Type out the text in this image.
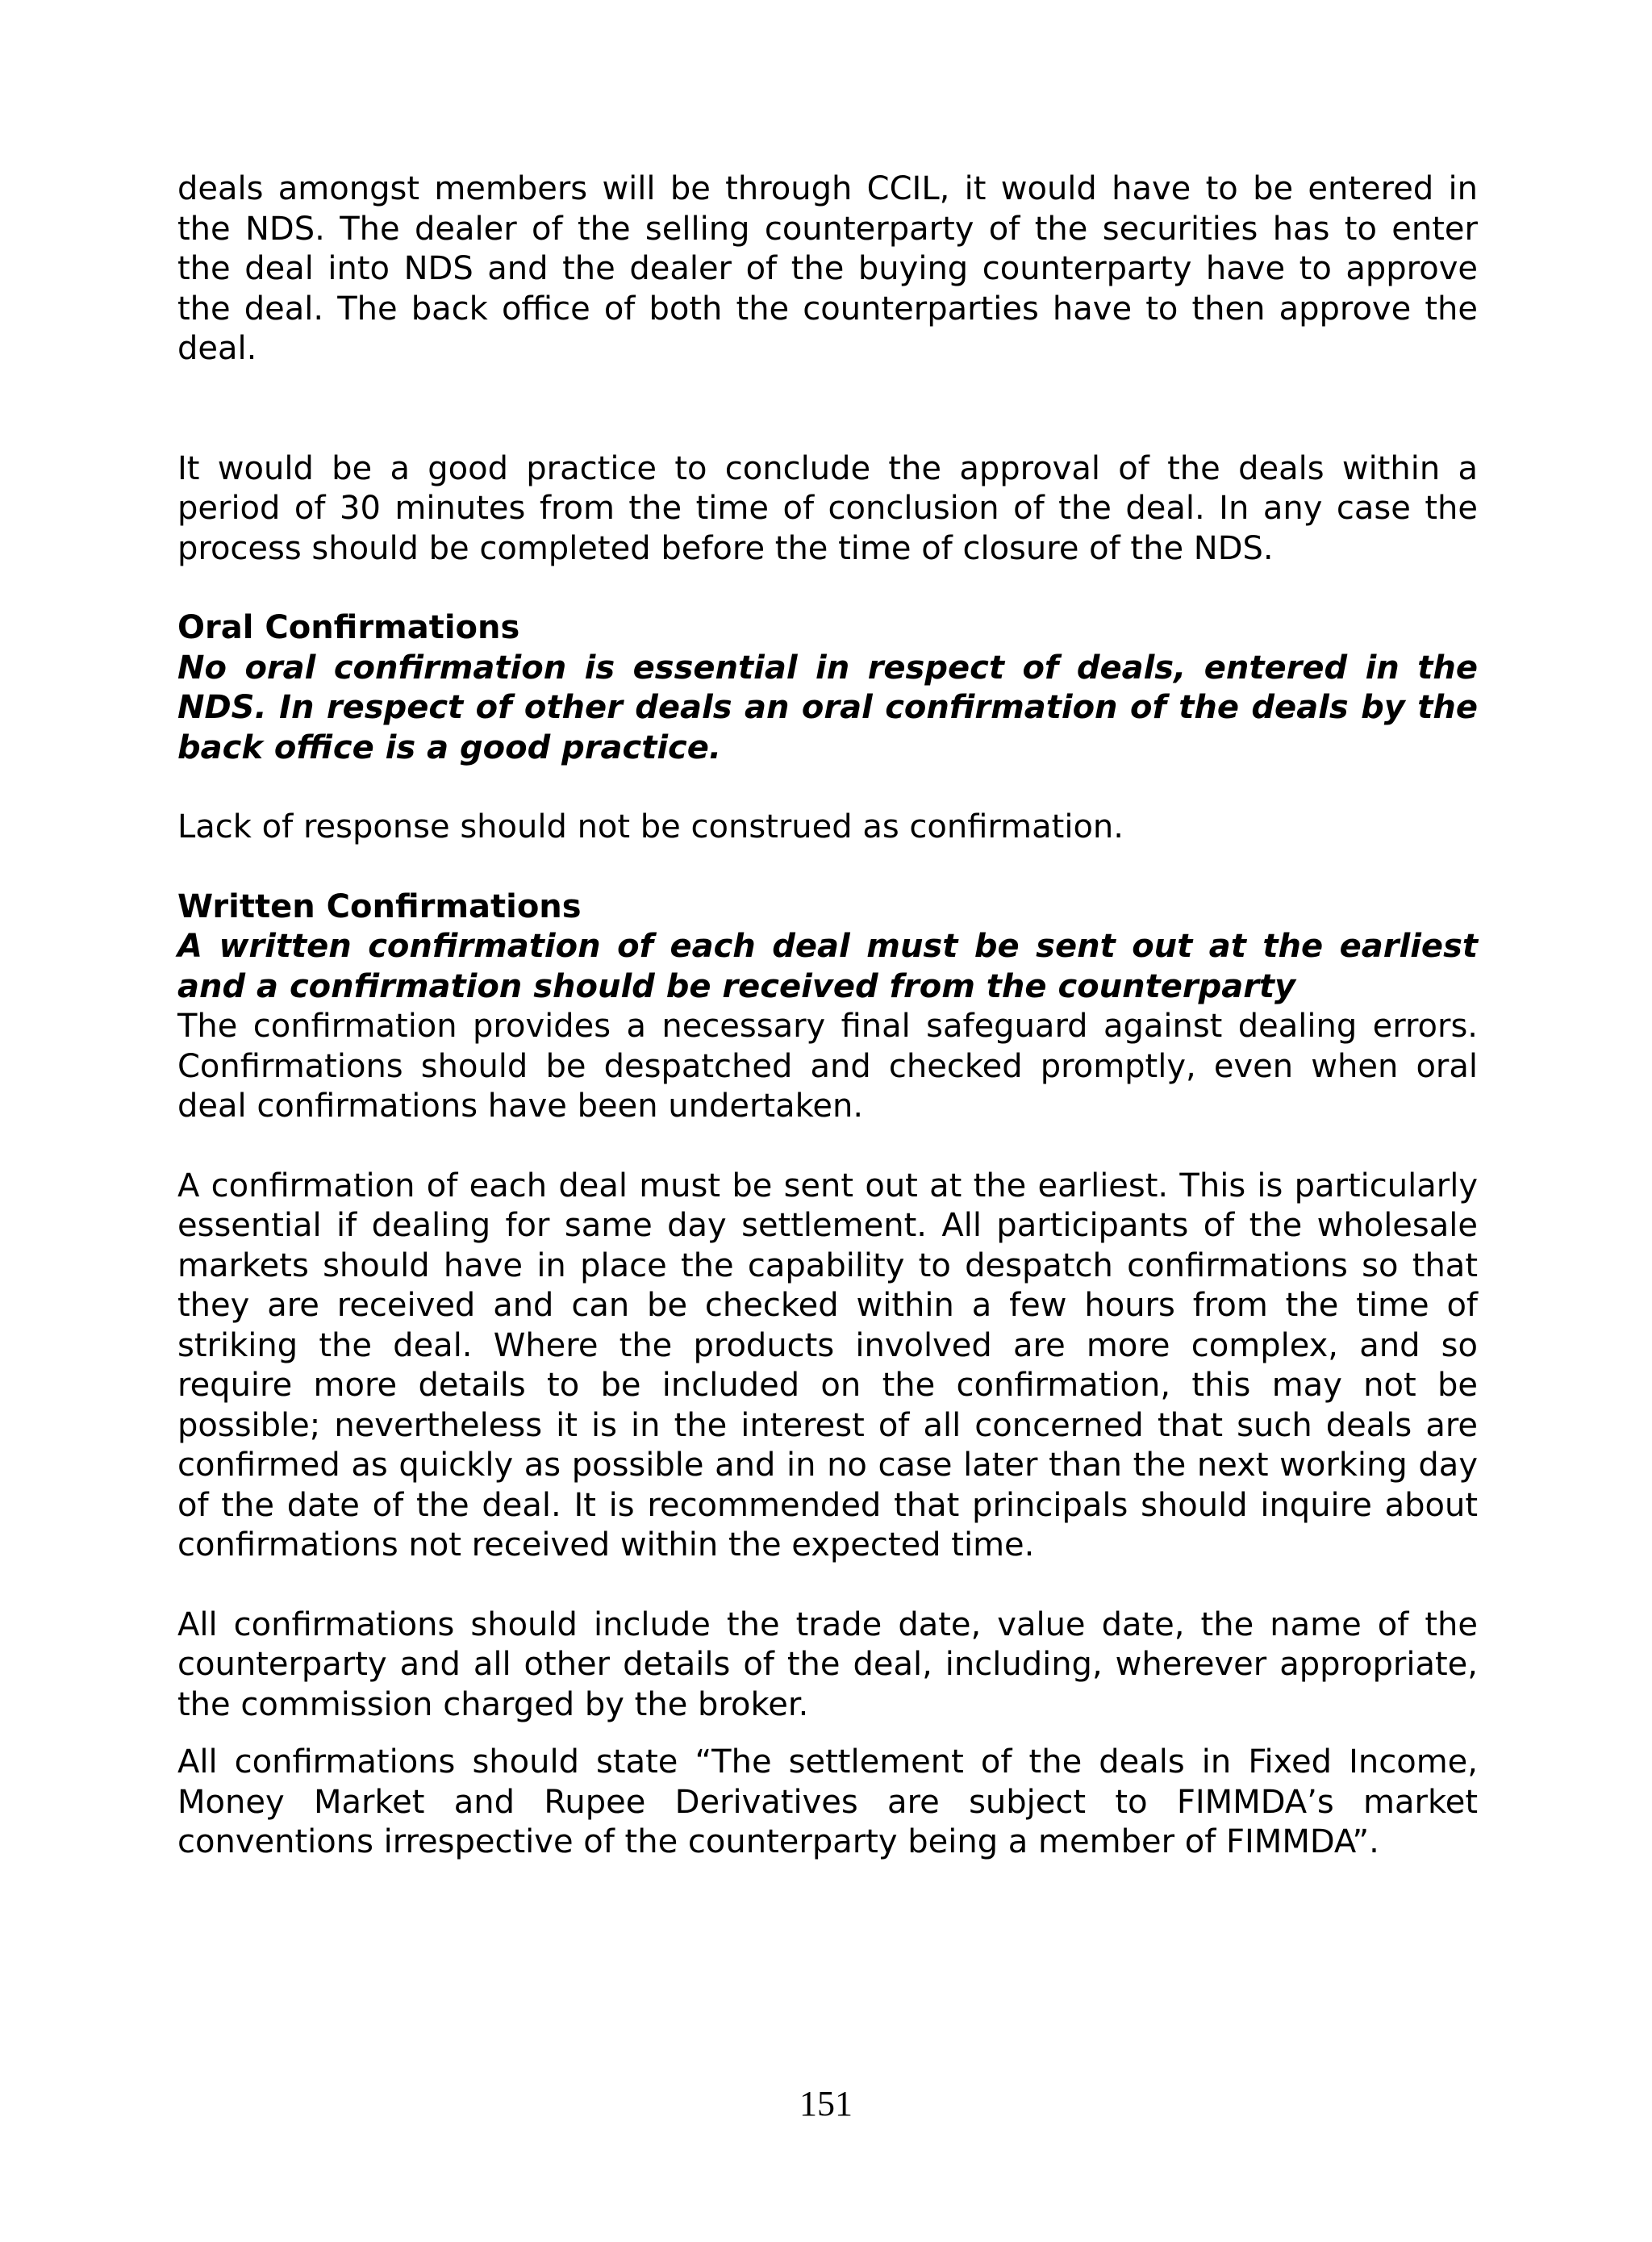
deals amongst members will be through CCIL, it would have to be entered in the NDS. The dealer of the selling counterparty of the securities has to enter the deal into NDS and the dealer of the buying counterparty have to approve the deal. The back office of both the counterparties have to then approve the deal.

It would be a good practice to conclude the approval of the deals within a period of 30 minutes from the time of conclusion of the deal. In any case the process should be completed before the time of closure of the NDS.

Oral Confirmations

No oral confirmation is essential in respect of deals, entered in the NDS. In respect of other deals an oral confirmation of the deals by the back office is a good practice.

Lack of response should not be construed as confirmation.

Written Confirmations

A written confirmation of each deal must be sent out at the earliest and a confirmation should be received from the counterparty

The confirmation provides a necessary final safeguard against dealing errors. Confirmations should be despatched and checked promptly, even when oral deal confirmations have been undertaken.

A confirmation of each deal must be sent out at the earliest. This is particularly essential if dealing for same day settlement. All participants of the wholesale markets should have in place the capability to despatch confirmations so that they are received and can be checked within a few hours from the time of striking the deal. Where the products involved are more complex, and so require more details to be included on the confirmation, this may not be possible; nevertheless it is in the interest of all concerned that such deals are confirmed as quickly as possible and in no case later than the next working day of the date of the deal. It is recommended that principals should inquire about confirmations not received within the expected time.

All confirmations should include the trade date, value date, the name of the counterparty and all other details of the deal, including, wherever appropriate, the commission charged by the broker.

All confirmations should state “The settlement of the deals in Fixed Income, Money Market and Rupee Derivatives are subject to FIMMDA’s market conventions irrespective of the counterparty being a member of FIMMDA”.

151
